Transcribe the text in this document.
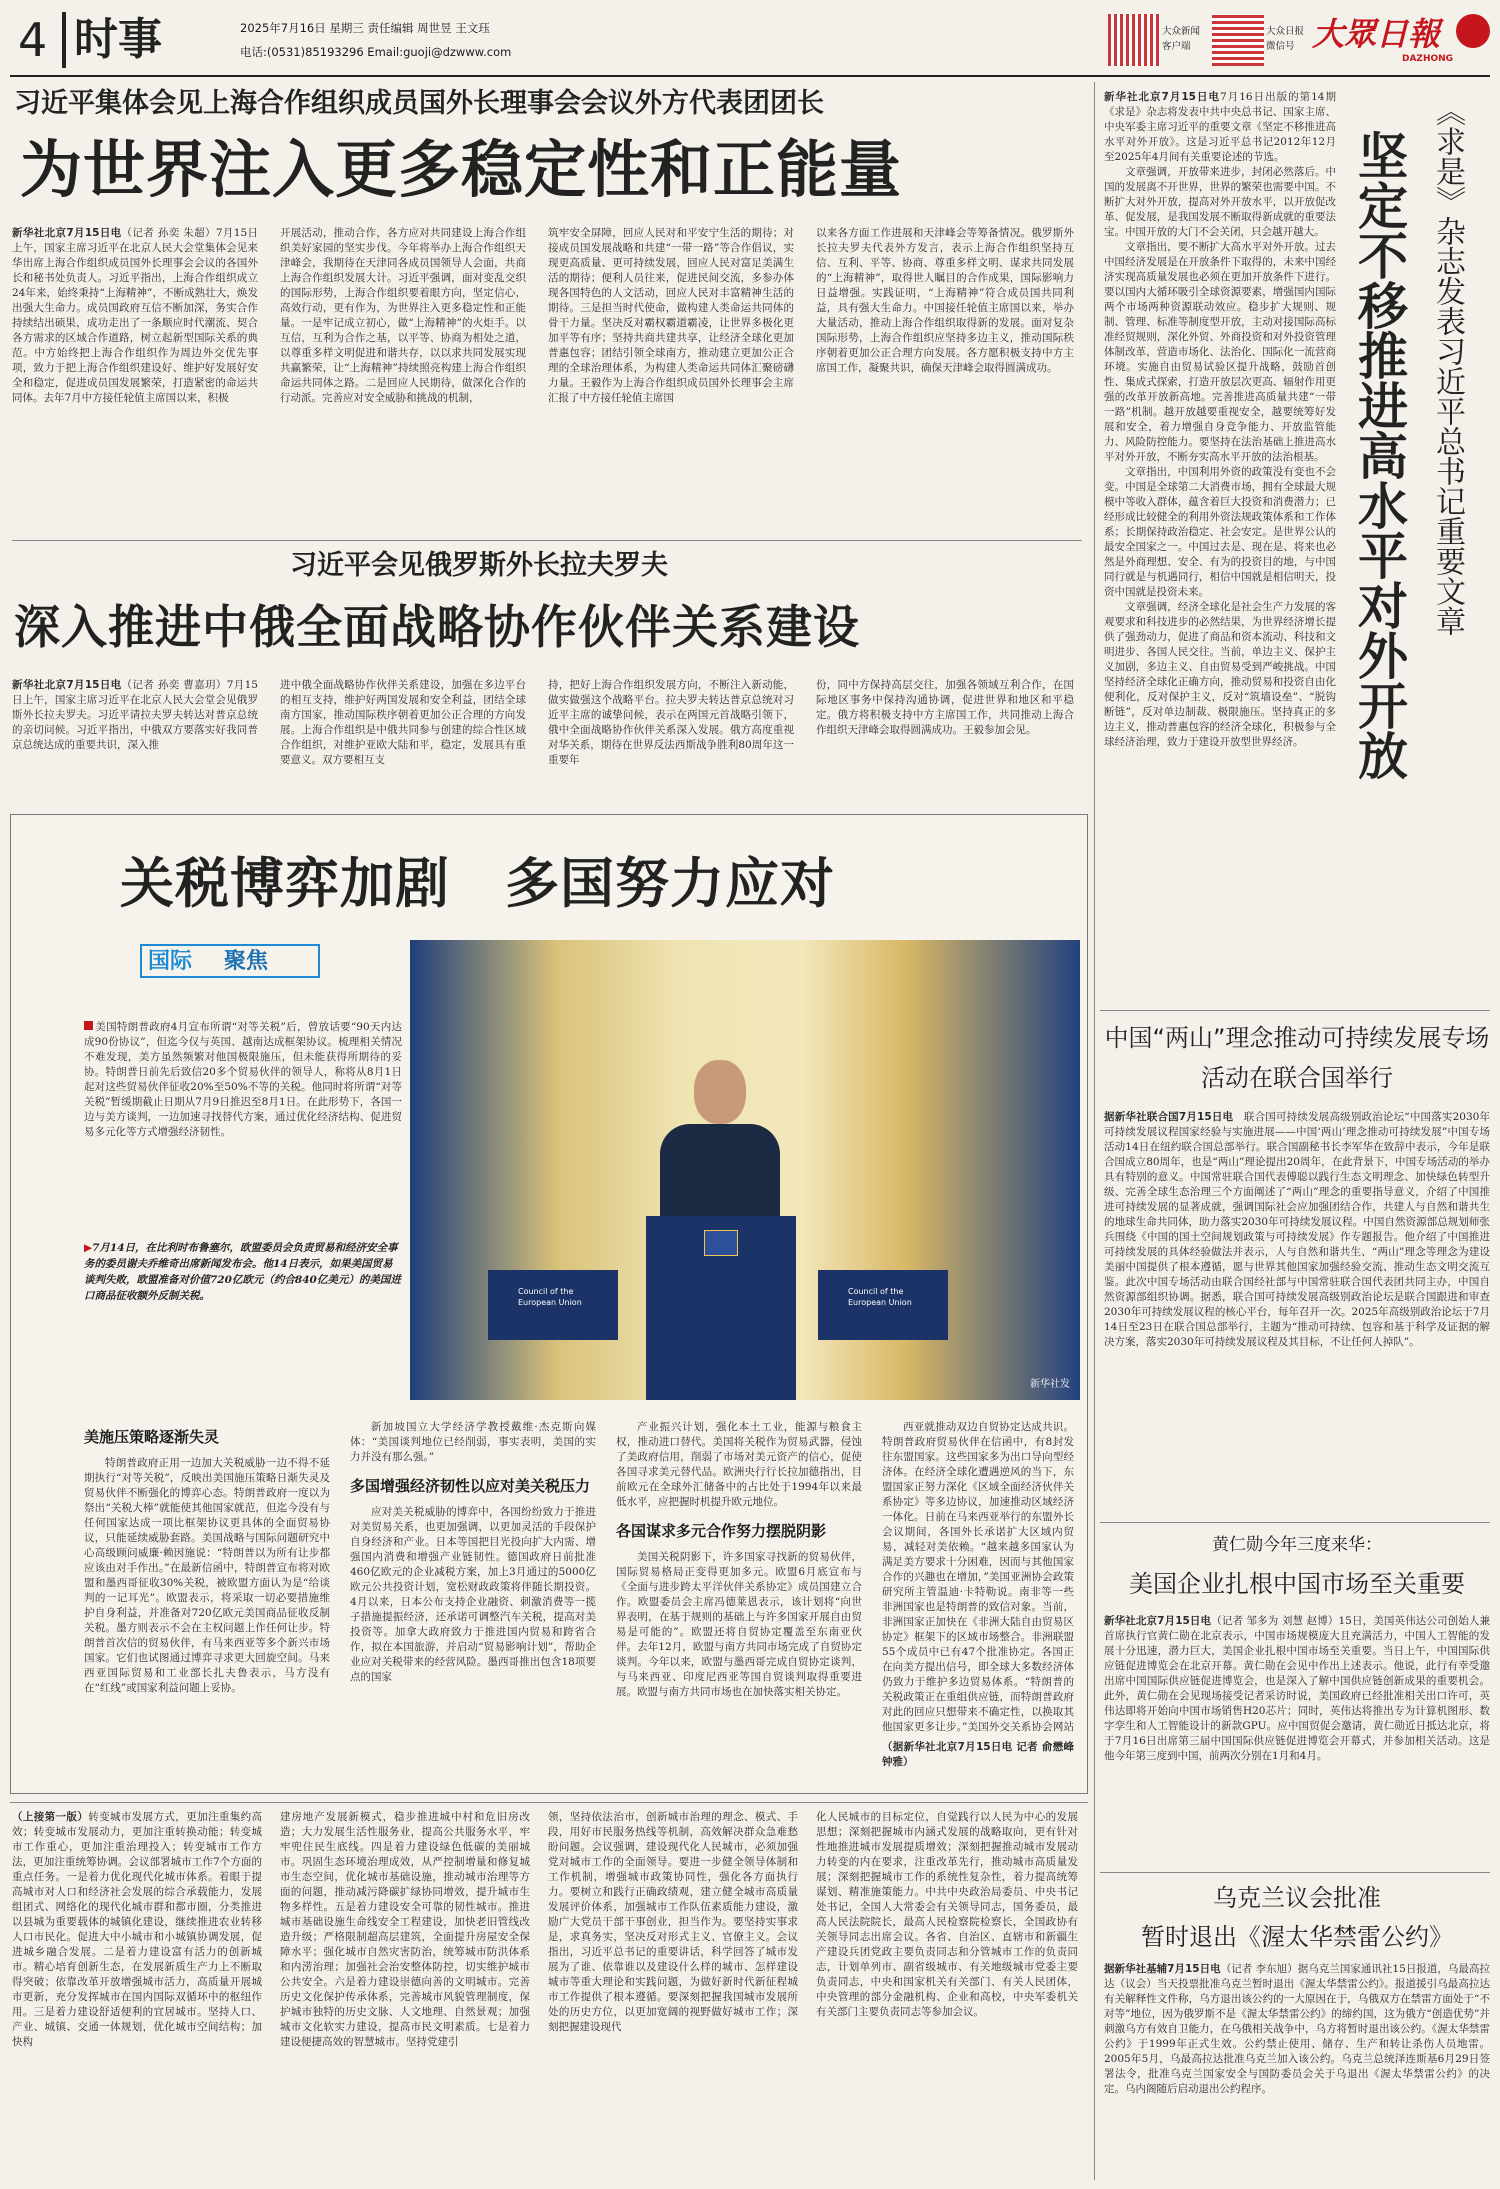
4 时事	2025年7月16日 星期三 责任编辑 周世昱 王文珏
电话:(0531)85193296 Email:guoji@dzwww.com
大众新闻客户端
大众日报微信号 大眾日報
DAZHONG
习近平集体会见上海合作组织成员国外长理事会会议外方代表团团长
为世界注入更多稳定性和正能量
新华社北京7月15日电（记者 孙奕 朱超）7月15日上午，国家主席习近平在北京人民大会堂集体会见来华出席上海合作组织成员国外长理事会会议的各国外长和秘书处负责人。习近平指出，上海合作组织成立24年来，始终秉持“上海精神”，不断成熟壮大，焕发出强大生命力。成员国政府互信不断加深，务实合作持续结出硕果，成功走出了一条顺应时代潮流、契合各方需求的区域合作道路，树立起新型国际关系的典范。中方始终把上海合作组织作为周边外交优先事项，致力于把上海合作组织建设好、维护好发展好安全和稳定，促进成员国发展繁荣，打造紧密的命运共同体。去年7月中方接任轮值主席国以来，积极
开展活动，推动合作，各方应对共同建设上海合作组织美好家园的坚实步伐。今年将举办上海合作组织天津峰会，我期待在天津同各成员国领导人会面，共商上海合作组织发展大计。习近平强调，面对变乱交织的国际形势，上海合作组织要着眼方向，坚定信心，高效行动，更有作为，为世界注入更多稳定性和正能量。一是牢记成立初心，做“上海精神”的火炬手。以互信，互利为合作之基，以平等、协商为相处之道，以尊重多样文明促进和谐共存，以以求共同发展实现共赢繁荣，让“上海精神”持续照亮构建上海合作组织命运共同体之路。二是回应人民期待，做深化合作的行动派。完善应对安全威胁和挑战的机制，
筑牢安全屏障，回应人民对和平安宁生活的期待；对接成员国发展战略和共建“一带一路”等合作倡议，实现更高质量、更可持续发展，回应人民对富足美满生活的期待；便利人员往来，促进民间交流，多参办体现各国特色的人文活动，回应人民对丰富精神生活的期待。三是担当时代使命，做构建人类命运共同体的骨干力量。坚决反对霸权霸道霸凌，让世界多极化更加平等有序；坚持共商共建共享，让经济全球化更加普惠包容；团结引领全球南方，推动建立更加公正合理的全球治理体系，为构建人类命运共同体汇聚磅礴力量。王毅作为上海合作组织成员国外长理事会主席汇报了中方接任轮值主席国
以来各方面工作进展和天津峰会等筹备情况。俄罗斯外长拉夫罗夫代表外方发言，表示上海合作组织坚持互信、互利、平等、协商、尊重多样文明、谋求共同发展的“上海精神”，取得世人瞩目的合作成果，国际影响力日益增强。实践证明，“上海精神”符合成员国共同利益，具有强大生命力。中国接任轮值主席国以来，举办大量活动，推动上海合作组织取得新的发展。面对复杂国际形势，上海合作组织应坚持多边主义，推动国际秩序朝着更加公正合理方向发展。各方愿积极支持中方主席国工作，凝聚共识，确保天津峰会取得圆满成功。
习近平会见俄罗斯外长拉夫罗夫
深入推进中俄全面战略协作伙伴关系建设
新华社北京7月15日电（记者 孙奕 曹嘉玥）7月15日上午，国家主席习近平在北京人民大会堂会见俄罗斯外长拉夫罗夫。习近平请拉夫罗夫转达对普京总统的亲切问候。习近平指出，中俄双方要落实好我同普京总统达成的重要共识，深入推
进中俄全面战略协作伙伴关系建设，加强在多边平台的相互支持，维护好两国发展和安全利益，团结全球南方国家，推动国际秩序朝着更加公正合理的方向发展。上海合作组织是中俄共同参与创建的综合性区域合作组织，对维护亚欧大陆和平，稳定，发展具有重要意义。双方要相互支
持，把好上海合作组织发展方向，不断注入新动能，做实做强这个战略平台。拉夫罗夫转达普京总统对习近平主席的诚挚问候，表示在两国元首战略引领下，俄中全面战略协作伙伴关系深入发展。俄方高度重视对华关系，期待在世界反法西斯战争胜利80周年这一重要年
份，同中方保持高层交往，加强各领域互利合作，在国际地区事务中保持沟通协调，促进世界和地区和平稳定。俄方将积极支持中方主席国工作，共同推动上海合作组织天津峰会取得圆满成功。王毅参加会见。
关税博弈加剧　多国努力应对
国际	聚焦
美国特朗普政府4月宣布所谓“对等关税”后，曾放话要“90天内达成90份协议”，但迄今仅与英国、越南达成框架协议。梳理相关情况不难发现，美方虽然频繁对他国极限施压，但未能获得所期待的妥协。特朗普日前先后致信20多个贸易伙伴的领导人，称将从8月1日起对这些贸易伙伴征收20%至50%不等的关税。他同时将所谓“对等关税”暂缓期截止日期从7月9日推迟至8月1日。在此形势下，各国一边与美方谈判，一边加速寻找替代方案，通过优化经济结构、促进贸易多元化等方式增强经济韧性。
▶7月14日，在比利时布鲁塞尔，欧盟委员会负责贸易和经济安全事务的委员谢夫乔维奇出席新闻发布会。他14日表示，如果美国贸易谈判失败，欧盟准备对价值720亿欧元（约合840亿美元）的美国进口商品征收额外反制关税。	Council of the European Union
Council of the European Union
新华社发
美施压策略逐渐失灵
特朗普政府正用一边加大关税威胁一边不得不延期执行“对等关税”，反映出美国施压策略日渐失灵及贸易伙伴不断强化的博弈心态。特朗普政府一度以为祭出“关税大棒”就能使其他国家就范，但迄今没有与任何国家达成一项比框架协议更具体的全面贸易协议，只能延续威胁套路。美国战略与国际问题研究中心高级顾问威廉·赖因施说：“特朗普以为所有让步都应该由对手作出。”在最新信函中，特朗普宣布将对欧盟和墨西哥征收30%关税，被欧盟方面认为是“给谈判的一记耳光”。欧盟表示，将采取一切必要措施维护自身利益，并准备对720亿欧元美国商品征收反制关税。墨方则表示不会在主权问题上作任何让步。特朗普首次信的贸易伙伴，有马来西亚等多个新兴市场国家。它们也试图通过博弈寻求更大回旋空间。马来西亚国际贸易和工业部长扎夫鲁表示，马方没有在“红线”或国家利益问题上妥协。
新加坡国立大学经济学教授戴维·杰克斯向媒体：“美国谈判地位已经削弱，事实表明，美国的实力并没有那么强。”
多国增强经济韧性以应对美关税压力
应对美关税威胁的博弈中，各国纷纷致力于推进对美贸易关系，也更加强调，以更加灵活的手段保护自身经济和产业。日本等国把目光投向扩大内需、增强国内消费和增强产业链韧性。德国政府日前批准460亿欧元的企业减税方案，加上3月通过的5000亿欧元公共投资计划，宽松财政政策将伴随长期投资。4月以来，日本公布支持企业融资、刺激消费等一揽子措施提振经济，还承诺可调整汽车关税，提高对美投资等。加拿大政府致力于推进国内贸易和跨省合作，拟在本国旅游，并启动“贸易影响计划”，帮助企业应对关税带来的经营风险。墨西哥推出包含18项要点的国家
产业振兴计划，强化本土工业，能源与粮食主权，推动进口替代。美国将关税作为贸易武器，侵蚀了美政府信用，削弱了市场对美元资产的信心，促使各国寻求美元替代品。欧洲央行行长拉加德指出，目前欧元在全球外汇储备中的占比处于1994年以来最低水平，应把握时机提升欧元地位。
各国谋求多元合作努力摆脱阴影
美国关税阴影下，许多国家寻找新的贸易伙伴，国际贸易格局正变得更加多元。欧盟6月底宣布与《全面与进步跨太平洋伙伴关系协定》成员国建立合作。欧盟委员会主席冯德莱恩表示，该计划将“向世界表明，在基于规则的基础上与许多国家开展自由贸易是可能的”。欧盟还将自贸协定覆盖至东南亚伙伴。去年12月，欧盟与南方共同市场完成了自贸协定谈判。今年以来，欧盟与墨西哥完成自贸协定谈判，与马来西亚、印度尼西亚等国自贸谈判取得重要进展。欧盟与南方共同市场也在加快落实相关协定。
西亚就推动双边自贸协定达成共识。特朗普政府贸易伙伴在信函中，有8封发往东盟国家。这些国家多为出口导向型经济体。在经济全球化遭遇逆风的当下，东盟国家正努力深化《区域全面经济伙伴关系协定》等多边协议，加速推动区域经济一体化。日前在马来西亚举行的东盟外长会议期间，各国外长承诺扩大区域内贸易，减轻对美依赖。“越来越多国家认为满足美方要求十分困难，因而与其他国家合作的兴趣也在增加，”美国亚洲协会政策研究所主管温迪·卡特勒说。南非等一些非洲国家也是特朗普的致信对象。当前，非洲国家正加快在《非洲大陆自由贸易区协定》框架下的区域市场整合。非洲联盟55个成员中已有47个批准协定。各国正在向美方提出信号，即全球大多数经济体仍致力于维护多边贸易体系。“特朗普的关税政策正在重组供应链，而特朗普政府对此的回应只想带来不确定性，以换取其他国家更多让步。”美国外交关系协会网站
（据新华社北京7月15日电 记者 俞懋峰 钟雅）
（上接第一版）转变城市发展方式，更加注重集约高效；转变城市发展动力，更加注重转换动能；转变城市工作重心，更加注重治理投入；转变城市工作方法，更加注重统筹协调。会议部署城市工作7个方面的重点任务。一是着力优化现代化城市体系。着眼于提高城市对人口和经济社会发展的综合承载能力，发展组团式、网络化的现代化城市群和都市圈，分类推进以县城为重要载体的城镇化建设，继续推进农业转移人口市民化。促进大中小城市和小城镇协调发展，促进城乡融合发展。二是着力建设富有活力的创新城市。精心培育创新生态，在发展新质生产力上不断取得突破；依靠改革开放增强城市活力，高质量开展城市更新，充分发挥城市在国内国际双循环中的枢纽作用。三是着力建设舒适便利的宜居城市。坚持人口、产业、城镇、交通一体规划，优化城市空间结构；加快构
建房地产发展新模式，稳步推进城中村和危旧房改造；大力发展生活性服务业，提高公共服务水平，牢牢兜住民生底线。四是着力建设绿色低碳的美丽城市。巩固生态环境治理成效，从严控制增量和修复城市生态空间，优化城市基础设施，推动城市治理等方面的问题，推动减污降碳扩绿协同增效，提升城市生物多样性。五是着力建设安全可靠的韧性城市。推进城市基础设施生命线安全工程建设，加快老旧管线改造升级；严格限制超高层建筑，全面提升房屋安全保障水平；强化城市自然灾害防治，统筹城市防洪体系和内涝治理；加强社会治安整体防控，切实维护城市公共安全。六是着力建设崇德向善的文明城市。完善历史文化保护传承体系，完善城市风貌管理制度，保护城市独特的历史文脉、人文地理、自然景观；加强城市文化软实力建设，提高市民文明素质。七是着力建设便捷高效的智慧城市。坚持党建引
领，坚持依法治市，创新城市治理的理念、模式、手段，用好市民服务热线等机制，高效解决群众急难愁盼问题。会议强调，建设现代化人民城市，必须加强党对城市工作的全面领导。要进一步健全领导体制和工作机制，增强城市政策协同性，强化各方面执行力。要树立和践行正确政绩观，建立健全城市高质量发展评价体系，加强城市工作队伍素质能力建设，激励广大党员干部干事创业，担当作为。要坚持实事求是，求真务实，坚决反对形式主义、官僚主义。会议指出，习近平总书记的重要讲话，科学回答了城市发展为了谁、依靠谁以及建设什么样的城市、怎样建设城市等重大理论和实践问题，为做好新时代新征程城市工作提供了根本遵循。要深刻把握我国城市发展所处的历史方位，以更加宽阔的视野做好城市工作；深刻把握建设现代
化人民城市的目标定位，自觉践行以人民为中心的发展思想；深刻把握城市内涵式发展的战略取向，更有针对性地推进城市发展提质增效；深刻把握推动城市发展动力转变的内在要求，注重改革先行，推动城市高质量发展；深刻把握城市工作的系统性复杂性，着力提高统筹谋划、精准施策能力。中共中央政治局委员、中央书记处书记，全国人大常委会有关领导同志，国务委员，最高人民法院院长，最高人民检察院检察长，全国政协有关领导同志出席会议。各省、自治区、直辖市和新疆生产建设兵团党政主要负责同志和分管城市工作的负责同志，计划单列市、副省级城市、有关地级城市党委主要负责同志，中央和国家机关有关部门、有关人民团体，中央管理的部分金融机构、企业和高校，中央军委机关有关部门主要负责同志等参加会议。
新华社北京7月15日电7月16日出版的第14期《求是》杂志将发表中共中央总书记、国家主席、中央军委主席习近平的重要文章《坚定不移推进高水平对外开放》。这是习近平总书记2012年12月至2025年4月间有关重要论述的节选。

文章强调，开放带来进步，封闭必然落后。中国的发展离不开世界，世界的繁荣也需要中国。不断扩大对外开放，提高对外开放水平，以开放促改革、促发展，是我国发展不断取得新成就的重要法宝。中国开放的大门不会关闭，只会越开越大。

文章指出，要不断扩大高水平对外开放。过去中国经济发展是在开放条件下取得的，未来中国经济实现高质量发展也必须在更加开放条件下进行。要以国内大循环吸引全球资源要素，增强国内国际两个市场两种资源联动效应。稳步扩大规则、规制、管理、标准等制度型开放，主动对接国际高标准经贸规则，深化外贸、外商投资和对外投资管理体制改革，营造市场化、法治化、国际化一流营商环境。实施自由贸易试验区提升战略，鼓励首创性、集成式探索，打造开放层次更高、辐射作用更强的改革开放新高地。完善推进高质量共建“一带一路”机制。越开放越要重视安全，越要统筹好发展和安全，着力增强自身竞争能力、开放监管能力、风险防控能力。要坚持在法治基础上推进高水平对外开放，不断夯实高水平开放的法治根基。

文章指出，中国利用外资的政策没有变也不会变。中国是全球第二大消费市场，拥有全球最大规模中等收入群体，蕴含着巨大投资和消费潜力；已经形成比较健全的利用外资法规政策体系和工作体系；长期保持政治稳定、社会安定。是世界公认的最安全国家之一。中国过去是、现在是、将来也必然是外商理想、安全、有为的投资目的地，与中国同行就是与机遇同行，相信中国就是相信明天，投资中国就是投资未来。

文章强调，经济全球化是社会生产力发展的客观要求和科技进步的必然结果，为世界经济增长提供了强劲动力，促进了商品和资本流动、科技和文明进步、各国人民交往。当前，单边主义、保护主义加剧，多边主义、自由贸易受到严峻挑战。中国坚持经济全球化正确方向，推动贸易和投资自由化便利化，反对保护主义，反对“筑墙设垒”、“脱钩断链”，反对单边制裁、极限施压。坚持真正的多边主义，推动普惠包容的经济全球化，积极参与全球经济治理，致力于建设开放型世界经济。

《求是》杂志发表习近平总书记重要文章
坚定不移推进高水平对外开放
中国“两山”理念推动可持续发展专场活动在联合国举行
据新华社联合国7月15日电　 联合国可持续发展高级别政治论坛“中国落实2030年可持续发展议程国家经验与实施进展——中国‘两山’理念推动可持续发展”中国专场活动14日在纽约联合国总部举行。联合国副秘书长李军华在致辞中表示，今年是联合国成立80周年，也是“两山”理论提出20周年，在此背景下，中国专场活动的举办具有特别的意义。中国常驻联合国代表傅聪以践行生态文明理念、加快绿色转型升级、完善全球生态治理三个方面阐述了“两山”理念的重要指导意义，介绍了中国推进可持续发展的显著成就，强调国际社会应加强团结合作，共建人与自然和谐共生的地球生命共同体，助力落实2030年可持续发展议程。中国自然资源部总规划师张兵围绕《中国的国土空间规划政策与可持续发展》作专题报告。他介绍了中国推进可持续发展的具体经验做法并表示，人与自然和谐共生、“两山”理念等理念为建设美丽中国提供了根本遵循，愿与世界其他国家加强经验交流、推动生态文明交流互鉴。此次中国专场活动由联合国经社部与中国常驻联合国代表团共同主办，中国自然资源部组织协调。据悉，联合国可持续发展高级别政治论坛是联合国跟进和审查2030年可持续发展议程的核心平台，每年召开一次。2025年高级别政治论坛于7月14日至23日在联合国总部举行，主题为“推动可持续、包容和基于科学及证据的解决方案，落实2030年可持续发展议程及其目标，不让任何人掉队”。
黄仁勋今年三度来华：
美国企业扎根中国市场至关重要
新华社北京7月15日电（记者 邹多为 刘慧 赵博）15日，美国英伟达公司创始人兼首席执行官黄仁勋在北京表示，中国市场规模庞大且充满活力，中国人工智能的发展十分迅速，潜力巨大，美国企业扎根中国市场至关重要。当日上午，中国国际供应链促进博览会在北京开幕。黄仁勋在会见中作出上述表示。他说，此行有幸受邀出席中国国际供应链促进博览会，也是深入了解中国供应链创新成果的重要机会。此外，黄仁勋在会见现场接受记者采访时说，美国政府已经批准相关出口许可，英伟达即将开始向中国市场销售H20芯片；同时，英伟达将推出专为计算机图形、数字孪生和人工智能设计的新款GPU。应中国贸促会邀请，黄仁勋近日抵达北京，将于7月16日出席第三届中国国际供应链促进博览会开幕式，并参加相关活动。这是他今年第三度到中国，前两次分别在1月和4月。
乌克兰议会批准
暂时退出《渥太华禁雷公约》
据新华社基辅7月15日电（记者 李东旭）据乌克兰国家通讯社15日报道，乌最高拉达（议会）当天投票批准乌克兰暂时退出《渥太华禁雷公约》。报道援引乌最高拉达有关解释性文件称，乌方退出该公约的一大原因在于，乌俄双方在禁雷方面处于“不对等”地位，因为俄罗斯不是《渥太华禁雷公约》的缔约国，这为俄方“创造优势”并刺激乌方有效自卫能力，在乌俄相关战争中，乌方将暂时退出该公约。《渥太华禁雷公约》于1999年正式生效。公约禁止使用、储存、生产和转让杀伤人员地雷。2005年5月，乌最高拉达批准乌克兰加入该公约。乌克兰总统泽连斯基6月29日签署法令，批准乌克兰国家安全与国防委员会关于乌退出《渥太华禁雷公约》的决定。乌内阁随后启动退出公约程序。
